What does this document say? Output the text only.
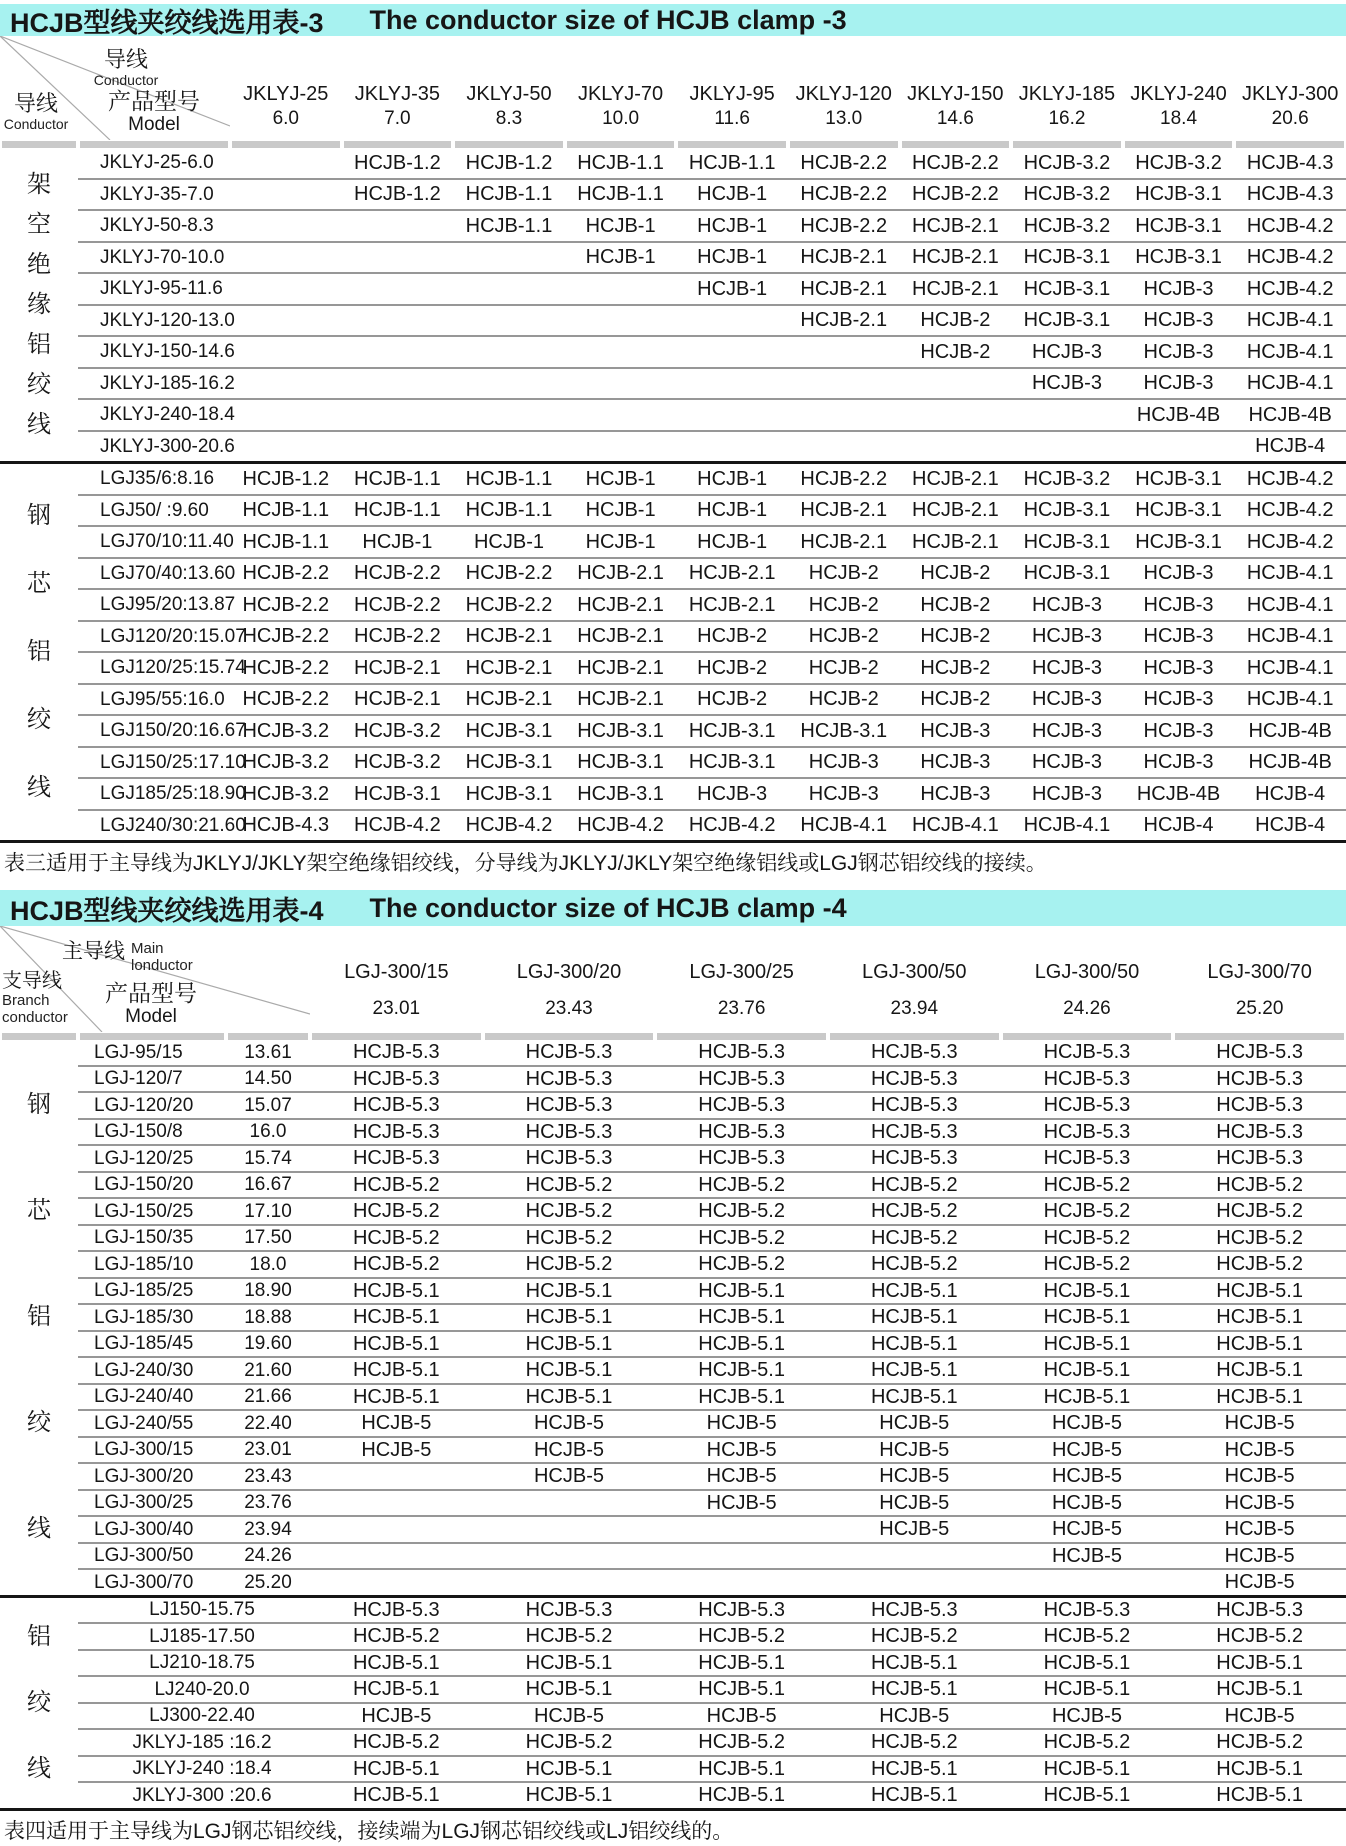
HCJB型线夹绞线选用表-3 The conductor size of HCJB clamp -3
导线
Conductor
导线
Conductor
产品型号
Model

JKLYJ-25
6.0

JKLYJ-35
7.0

JKLYJ-50
8.3

JKLYJ-70
10.0

JKLYJ-95
11.6

JKLYJ-120
13.0

JKLYJ-150
14.6

JKLYJ-185
16.2

JKLYJ-240
18.4

JKLYJ-300
20.6

架
空
绝
缘
铝
绞
线
	JKLYJ-25-6.0		HCJB-1.2	HCJB-1.2	HCJB-1.1	HCJB-1.1	HCJB-2.2	HCJB-2.2	HCJB-3.2	HCJB-3.2	HCJB-4.3
	JKLYJ-35-7.0		HCJB-1.2	HCJB-1.1	HCJB-1.1	HCJB-1	HCJB-2.2	HCJB-2.2	HCJB-3.2	HCJB-3.1	HCJB-4.3
	JKLYJ-50-8.3			HCJB-1.1	HCJB-1	HCJB-1	HCJB-2.2	HCJB-2.1	HCJB-3.2	HCJB-3.1	HCJB-4.2
	JKLYJ-70-10.0				HCJB-1	HCJB-1	HCJB-2.1	HCJB-2.1	HCJB-3.1	HCJB-3.1	HCJB-4.2
	JKLYJ-95-11.6					HCJB-1	HCJB-2.1	HCJB-2.1	HCJB-3.1	HCJB-3	HCJB-4.2
	JKLYJ-120-13.0						HCJB-2.1	HCJB-2	HCJB-3.1	HCJB-3	HCJB-4.1
	JKLYJ-150-14.6							HCJB-2	HCJB-3	HCJB-3	HCJB-4.1
	JKLYJ-185-16.2								HCJB-3	HCJB-3	HCJB-4.1
	JKLYJ-240-18.4									HCJB-4B	HCJB-4B
	JKLYJ-300-20.6										HCJB-4

钢
芯
铝
绞
线	LGJ35/6:8.16	HCJB-1.2	HCJB-1.1	HCJB-1.1	HCJB-1	HCJB-1	HCJB-2.2	HCJB-2.1	HCJB-3.2	HCJB-3.1	HCJB-4.2
	LGJ50/ :9.60	HCJB-1.1	HCJB-1.1	HCJB-1.1	HCJB-1	HCJB-1	HCJB-2.1	HCJB-2.1	HCJB-3.1	HCJB-3.1	HCJB-4.2
	LGJ70/10:11.40	HCJB-1.1	HCJB-1	HCJB-1	HCJB-1	HCJB-1	HCJB-2.1	HCJB-2.1	HCJB-3.1	HCJB-3.1	HCJB-4.2
	LGJ70/40:13.60	HCJB-2.2	HCJB-2.2	HCJB-2.2	HCJB-2.1	HCJB-2.1	HCJB-2	HCJB-2	HCJB-3.1	HCJB-3	HCJB-4.1
	LGJ95/20:13.87	HCJB-2.2	HCJB-2.2	HCJB-2.2	HCJB-2.1	HCJB-2.1	HCJB-2	HCJB-2	HCJB-3	HCJB-3	HCJB-4.1
	LGJ120/20:15.07	HCJB-2.2	HCJB-2.2	HCJB-2.1	HCJB-2.1	HCJB-2	HCJB-2	HCJB-2	HCJB-3	HCJB-3	HCJB-4.1
	LGJ120/25:15.74	HCJB-2.2	HCJB-2.1	HCJB-2.1	HCJB-2.1	HCJB-2	HCJB-2	HCJB-2	HCJB-3	HCJB-3	HCJB-4.1
	LGJ95/55:16.0	HCJB-2.2	HCJB-2.1	HCJB-2.1	HCJB-2.1	HCJB-2	HCJB-2	HCJB-2	HCJB-3	HCJB-3	HCJB-4.1
	LGJ150/20:16.67	HCJB-3.2	HCJB-3.2	HCJB-3.1	HCJB-3.1	HCJB-3.1	HCJB-3.1	HCJB-3	HCJB-3	HCJB-3	HCJB-4B
	LGJ150/25:17.10	HCJB-3.2	HCJB-3.2	HCJB-3.1	HCJB-3.1	HCJB-3.1	HCJB-3	HCJB-3	HCJB-3	HCJB-3	HCJB-4B
	LGJ185/25:18.90	HCJB-3.2	HCJB-3.1	HCJB-3.1	HCJB-3.1	HCJB-3	HCJB-3	HCJB-3	HCJB-3	HCJB-4B	HCJB-4
	LGJ240/30:21.60	HCJB-4.3	HCJB-4.2	HCJB-4.2	HCJB-4.2	HCJB-4.2	HCJB-4.1	HCJB-4.1	HCJB-4.1	HCJB-4	HCJB-4
表三适用于主导线为JKLYJ/JKLY架空绝缘铝绞线，分导线为JKLYJ/JKLY架空绝缘铝线或LGJ钢芯铝绞线的接续。
HCJB型线夹绞线选用表-4 The conductor size of HCJB clamp -4
主导线 Main
lonductor
支导线
Branch
conductor
产品型号
Model

LGJ-300/15
23.01

LGJ-300/20
23.43

LGJ-300/25
23.76

LGJ-300/50
23.94

LGJ-300/50
24.26

LGJ-300/70
25.20

钢
芯
铝
绞
线	LGJ-95/15	13.61	HCJB-5.3	HCJB-5.3	HCJB-5.3	HCJB-5.3	HCJB-5.3	HCJB-5.3
	LGJ-120/7	14.50	HCJB-5.3	HCJB-5.3	HCJB-5.3	HCJB-5.3	HCJB-5.3	HCJB-5.3
	LGJ-120/20	15.07	HCJB-5.3	HCJB-5.3	HCJB-5.3	HCJB-5.3	HCJB-5.3	HCJB-5.3
	LGJ-150/8	16.0	HCJB-5.3	HCJB-5.3	HCJB-5.3	HCJB-5.3	HCJB-5.3	HCJB-5.3
	LGJ-120/25	15.74	HCJB-5.3	HCJB-5.3	HCJB-5.3	HCJB-5.3	HCJB-5.3	HCJB-5.3
	LGJ-150/20	16.67	HCJB-5.2	HCJB-5.2	HCJB-5.2	HCJB-5.2	HCJB-5.2	HCJB-5.2
	LGJ-150/25	17.10	HCJB-5.2	HCJB-5.2	HCJB-5.2	HCJB-5.2	HCJB-5.2	HCJB-5.2
	LGJ-150/35	17.50	HCJB-5.2	HCJB-5.2	HCJB-5.2	HCJB-5.2	HCJB-5.2	HCJB-5.2
	LGJ-185/10	18.0	HCJB-5.2	HCJB-5.2	HCJB-5.2	HCJB-5.2	HCJB-5.2	HCJB-5.2
	LGJ-185/25	18.90	HCJB-5.1	HCJB-5.1	HCJB-5.1	HCJB-5.1	HCJB-5.1	HCJB-5.1
	LGJ-185/30	18.88	HCJB-5.1	HCJB-5.1	HCJB-5.1	HCJB-5.1	HCJB-5.1	HCJB-5.1
	LGJ-185/45	19.60	HCJB-5.1	HCJB-5.1	HCJB-5.1	HCJB-5.1	HCJB-5.1	HCJB-5.1
	LGJ-240/30	21.60	HCJB-5.1	HCJB-5.1	HCJB-5.1	HCJB-5.1	HCJB-5.1	HCJB-5.1
	LGJ-240/40	21.66	HCJB-5.1	HCJB-5.1	HCJB-5.1	HCJB-5.1	HCJB-5.1	HCJB-5.1
	LGJ-240/55	22.40	HCJB-5	HCJB-5	HCJB-5	HCJB-5	HCJB-5	HCJB-5
	LGJ-300/15	23.01	HCJB-5	HCJB-5	HCJB-5	HCJB-5	HCJB-5	HCJB-5
	LGJ-300/20	23.43		HCJB-5	HCJB-5	HCJB-5	HCJB-5	HCJB-5
	LGJ-300/25	23.76			HCJB-5	HCJB-5	HCJB-5	HCJB-5
	LGJ-300/40	23.94				HCJB-5	HCJB-5	HCJB-5
	LGJ-300/50	24.26					HCJB-5	HCJB-5
	LGJ-300/70	25.20						HCJB-5

铝
绞
线	LJ150-15.75		HCJB-5.3	HCJB-5.3	HCJB-5.3	HCJB-5.3	HCJB-5.3	HCJB-5.3
	LJ185-17.50		HCJB-5.2	HCJB-5.2	HCJB-5.2	HCJB-5.2	HCJB-5.2	HCJB-5.2
	LJ210-18.75		HCJB-5.1	HCJB-5.1	HCJB-5.1	HCJB-5.1	HCJB-5.1	HCJB-5.1
	LJ240-20.0		HCJB-5.1	HCJB-5.1	HCJB-5.1	HCJB-5.1	HCJB-5.1	HCJB-5.1
	LJ300-22.40		HCJB-5	HCJB-5	HCJB-5	HCJB-5	HCJB-5	HCJB-5
	JKLYJ-185 :16.2		HCJB-5.2	HCJB-5.2	HCJB-5.2	HCJB-5.2	HCJB-5.2	HCJB-5.2
	JKLYJ-240 :18.4		HCJB-5.1	HCJB-5.1	HCJB-5.1	HCJB-5.1	HCJB-5.1	HCJB-5.1
	JKLYJ-300 :20.6		HCJB-5.1	HCJB-5.1	HCJB-5.1	HCJB-5.1	HCJB-5.1	HCJB-5.1
表四适用于主导线为LGJ钢芯铝绞线，接续端为LGJ钢芯铝绞线或LJ铝绞线的。
